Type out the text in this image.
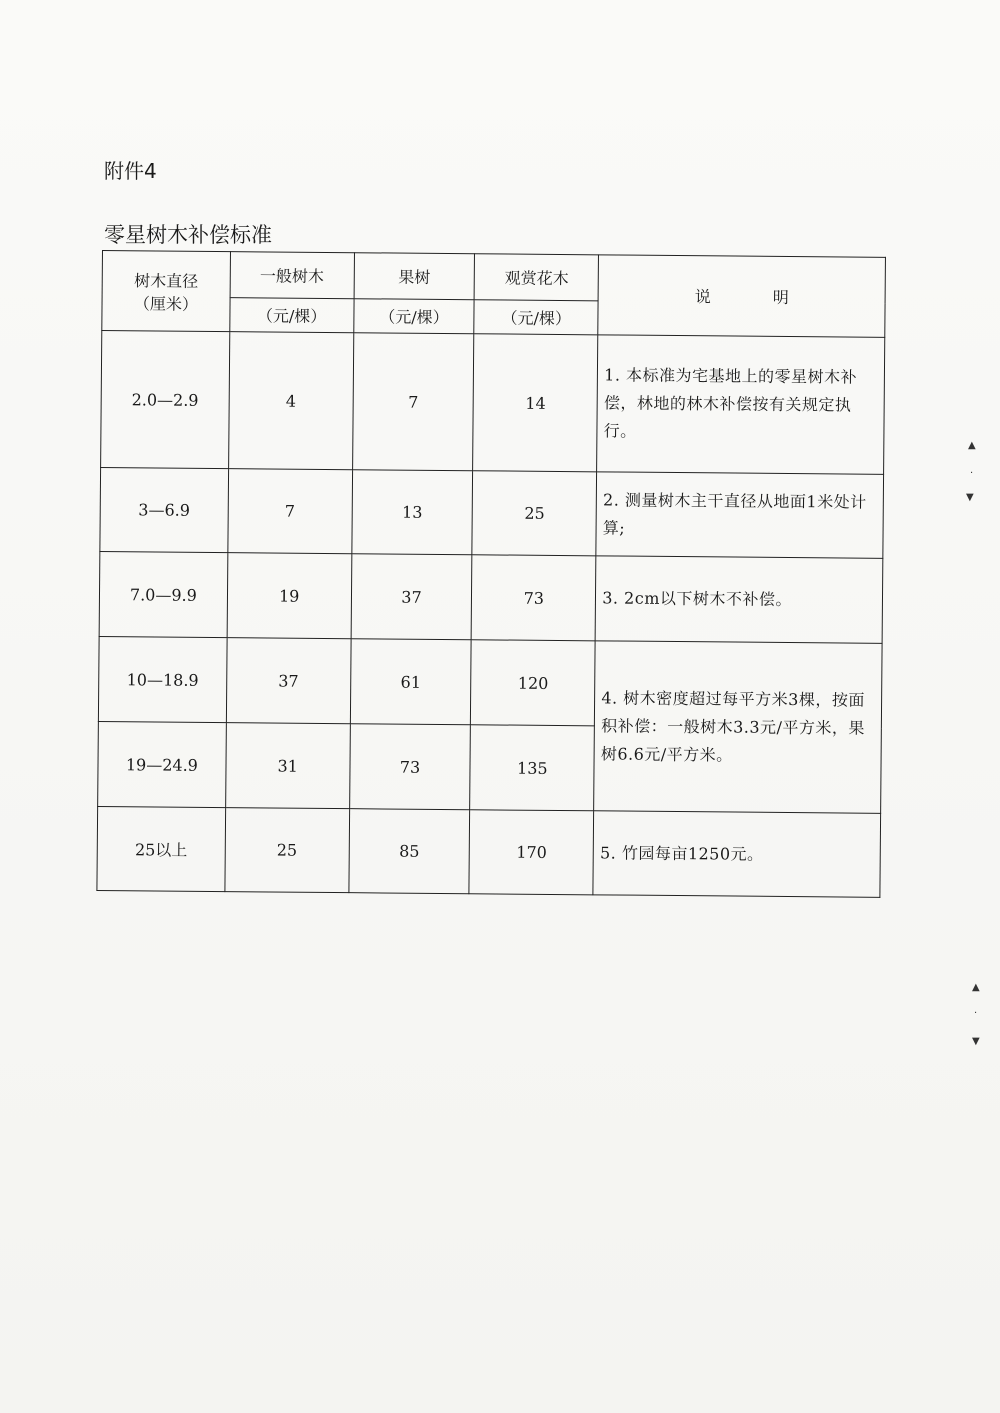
附件4
零星树木补偿标准
树木直径
（厘米）	一般树木	果树	观赏花木	说明
	（元/棵）	（元/棵）	（元/棵）	
2.0—2.9	4	7	14	1. 本标准为宅基地上的零星树木补偿，林地的林木补偿按有关规定执行。
3—6.9	7	13	25	2. 测量树木主干直径从地面1米处计算;
7.0—9.9	19	37	73	3. 2cm以下树木不补偿。
10—18.9	37	61	120	4. 树木密度超过每平方米3棵，按面积补偿：一般树木3.3元/平方米，果树6.6元/平方米。
19—24.9	31	73	135	
25以上	25	85	170	5. 竹园每亩1250元。
▲
·
▼
▲
·
▼
